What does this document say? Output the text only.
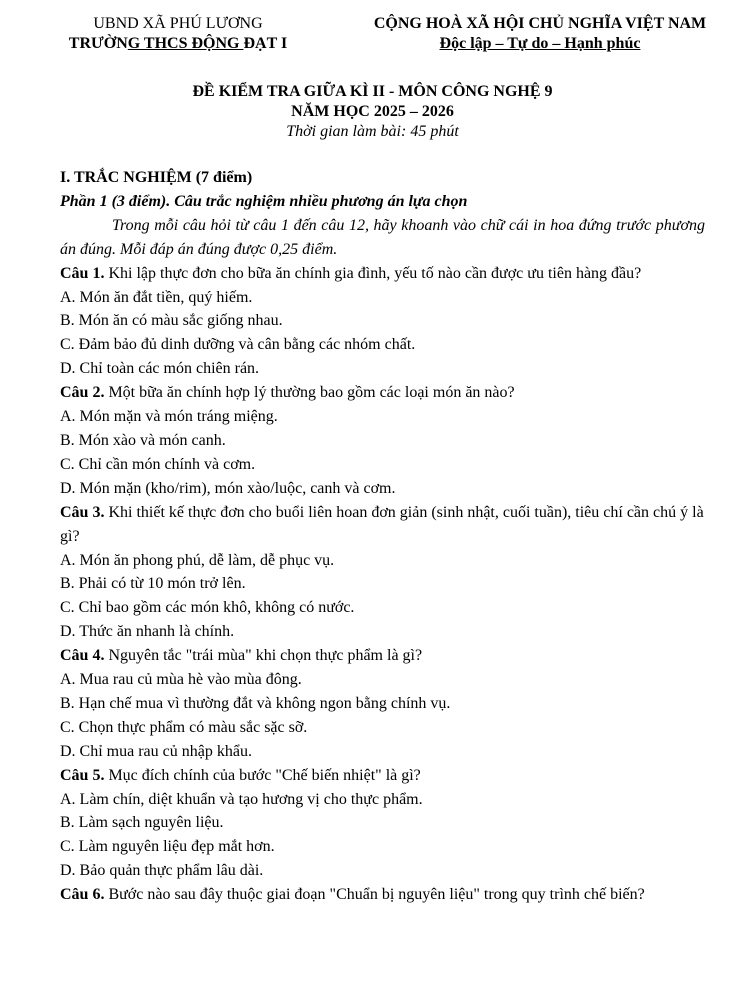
UBND XÃ PHÚ LƯƠNG
TRƯỜNG THCS ĐỘNG ĐẠT I
CỘNG HOÀ XÃ HỘI CHỦ NGHĨA VIỆT NAM
Độc lập – Tự do – Hạnh phúc
ĐỀ KIỂM TRA GIỮA KÌ II - MÔN CÔNG NGHỆ 9
NĂM HỌC 2025 – 2026
Thời gian làm bài: 45 phút
I. TRẮC NGHIỆM (7 điểm)
Phần 1 (3 điểm). Câu trắc nghiệm nhiều phương án lựa chọn
Trong mỗi câu hỏi từ câu 1 đến câu 12, hãy khoanh vào chữ cái in hoa đứng trước phương án đúng. Mỗi đáp án đúng được 0,25 điểm.
Câu 1. Khi lập thực đơn cho bữa ăn chính gia đình, yếu tố nào cần được ưu tiên hàng đầu?
A. Món ăn đắt tiền, quý hiếm.
B. Món ăn có màu sắc giống nhau.
C. Đảm bảo đủ dinh dưỡng và cân bằng các nhóm chất.
D. Chỉ toàn các món chiên rán.
Câu 2. Một bữa ăn chính hợp lý thường bao gồm các loại món ăn nào?
A. Món mặn và món tráng miệng.
B. Món xào và món canh.
C. Chỉ cần món chính và cơm.
D. Món mặn (kho/rim), món xào/luộc, canh và cơm.
Câu 3. Khi thiết kế thực đơn cho buổi liên hoan đơn giản (sinh nhật, cuối tuần), tiêu chí cần chú ý là gì?
A. Món ăn phong phú, dễ làm, dễ phục vụ.
B. Phải có từ 10 món trở lên.
C. Chỉ bao gồm các món khô, không có nước.
D. Thức ăn nhanh là chính.
Câu 4. Nguyên tắc "trái mùa" khi chọn thực phẩm là gì?
A. Mua rau củ mùa hè vào mùa đông.
B. Hạn chế mua vì thường đắt và không ngon bằng chính vụ.
C. Chọn thực phẩm có màu sắc sặc sỡ.
D. Chỉ mua rau củ nhập khẩu.
Câu 5. Mục đích chính của bước "Chế biến nhiệt" là gì?
A. Làm chín, diệt khuẩn và tạo hương vị cho thực phẩm.
B. Làm sạch nguyên liệu.
C. Làm nguyên liệu đẹp mắt hơn.
D. Bảo quản thực phẩm lâu dài.
Câu 6. Bước nào sau đây thuộc giai đoạn "Chuẩn bị nguyên liệu" trong quy trình chế biến?
